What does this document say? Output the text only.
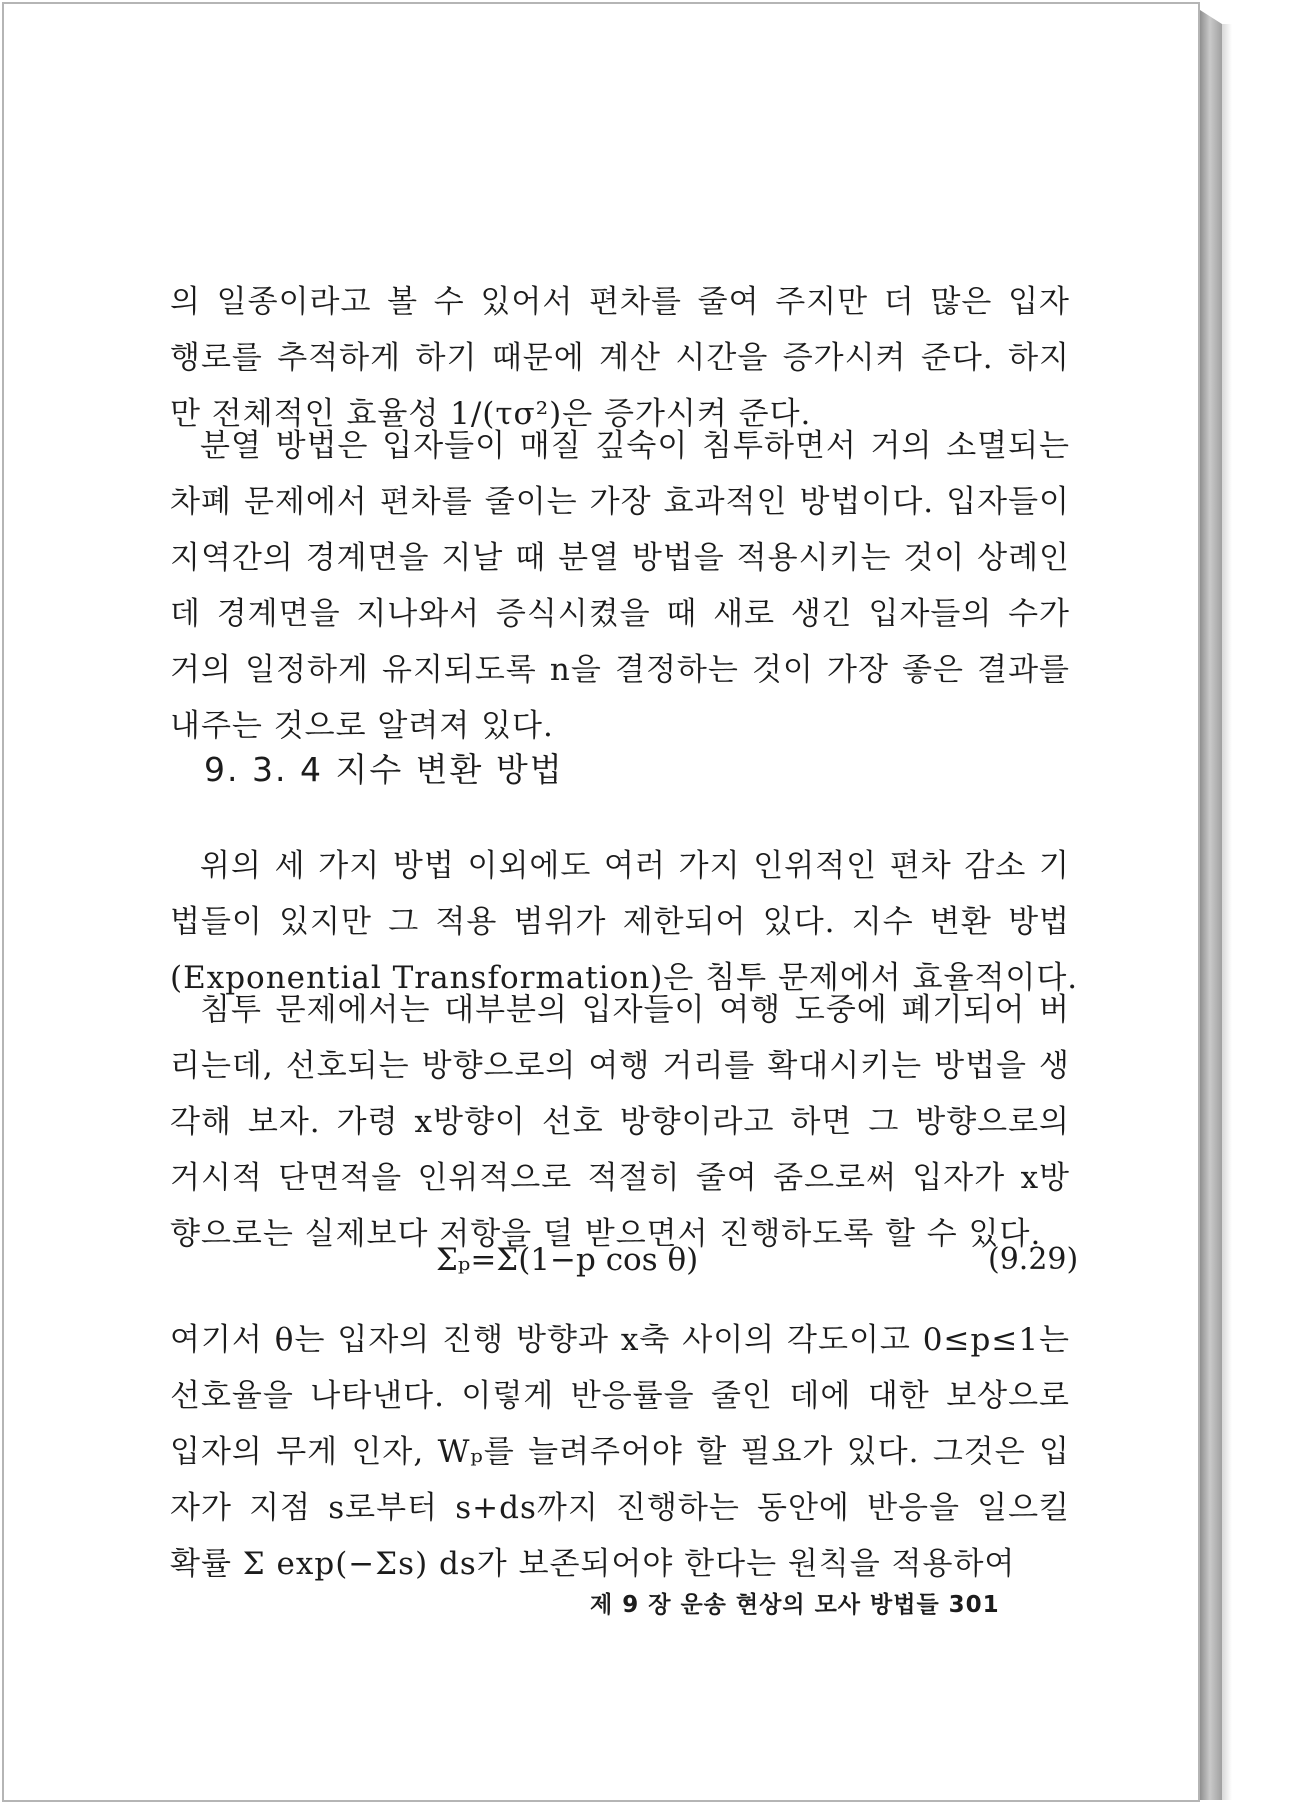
의 일종이라고 볼 수 있어서 편차를 줄여 주지만 더 많은 입자
행로를 추적하게 하기 때문에 계산 시간을 증가시켜 준다. 하지
만 전체적인 효율성 1/(τσ²)은 증가시켜 준다.
분열 방법은 입자들이 매질 깊숙이 침투하면서 거의 소멸되는
차폐 문제에서 편차를 줄이는 가장 효과적인 방법이다. 입자들이
지역간의 경계면을 지날 때 분열 방법을 적용시키는 것이 상례인
데 경계면을 지나와서 증식시켰을 때 새로 생긴 입자들의 수가
거의 일정하게 유지되도록 n을 결정하는 것이 가장 좋은 결과를
내주는 것으로 알려져 있다.
9. 3. 4 지수 변환 방법
위의 세 가지 방법 이외에도 여러 가지 인위적인 편차 감소 기
법들이 있지만 그 적용 범위가 제한되어 있다. 지수 변환 방법
(Exponential Transformation)은 침투 문제에서 효율적이다.
침투 문제에서는 대부분의 입자들이 여행 도중에 폐기되어 버
리는데, 선호되는 방향으로의 여행 거리를 확대시키는 방법을 생
각해 보자. 가령 x방향이 선호 방향이라고 하면 그 방향으로의
거시적 단면적을 인위적으로 적절히 줄여 줌으로써 입자가 x방
향으로는 실제보다 저항을 덜 받으면서 진행하도록 할 수 있다.
Σₚ=Σ(1−p cos θ)	(9.29)
여기서 θ는 입자의 진행 방향과 x축 사이의 각도이고 0≤p≤1는
선호율을 나타낸다. 이렇게 반응률을 줄인 데에 대한 보상으로
입자의 무게 인자, Wₚ를 늘려주어야 할 필요가 있다. 그것은 입
자가 지점 s로부터 s+ds까지 진행하는 동안에 반응을 일으킬
확률 Σ exp(−Σs) ds가 보존되어야 한다는 원칙을 적용하여
제 9 장 운송 현상의 모사 방법들 301
